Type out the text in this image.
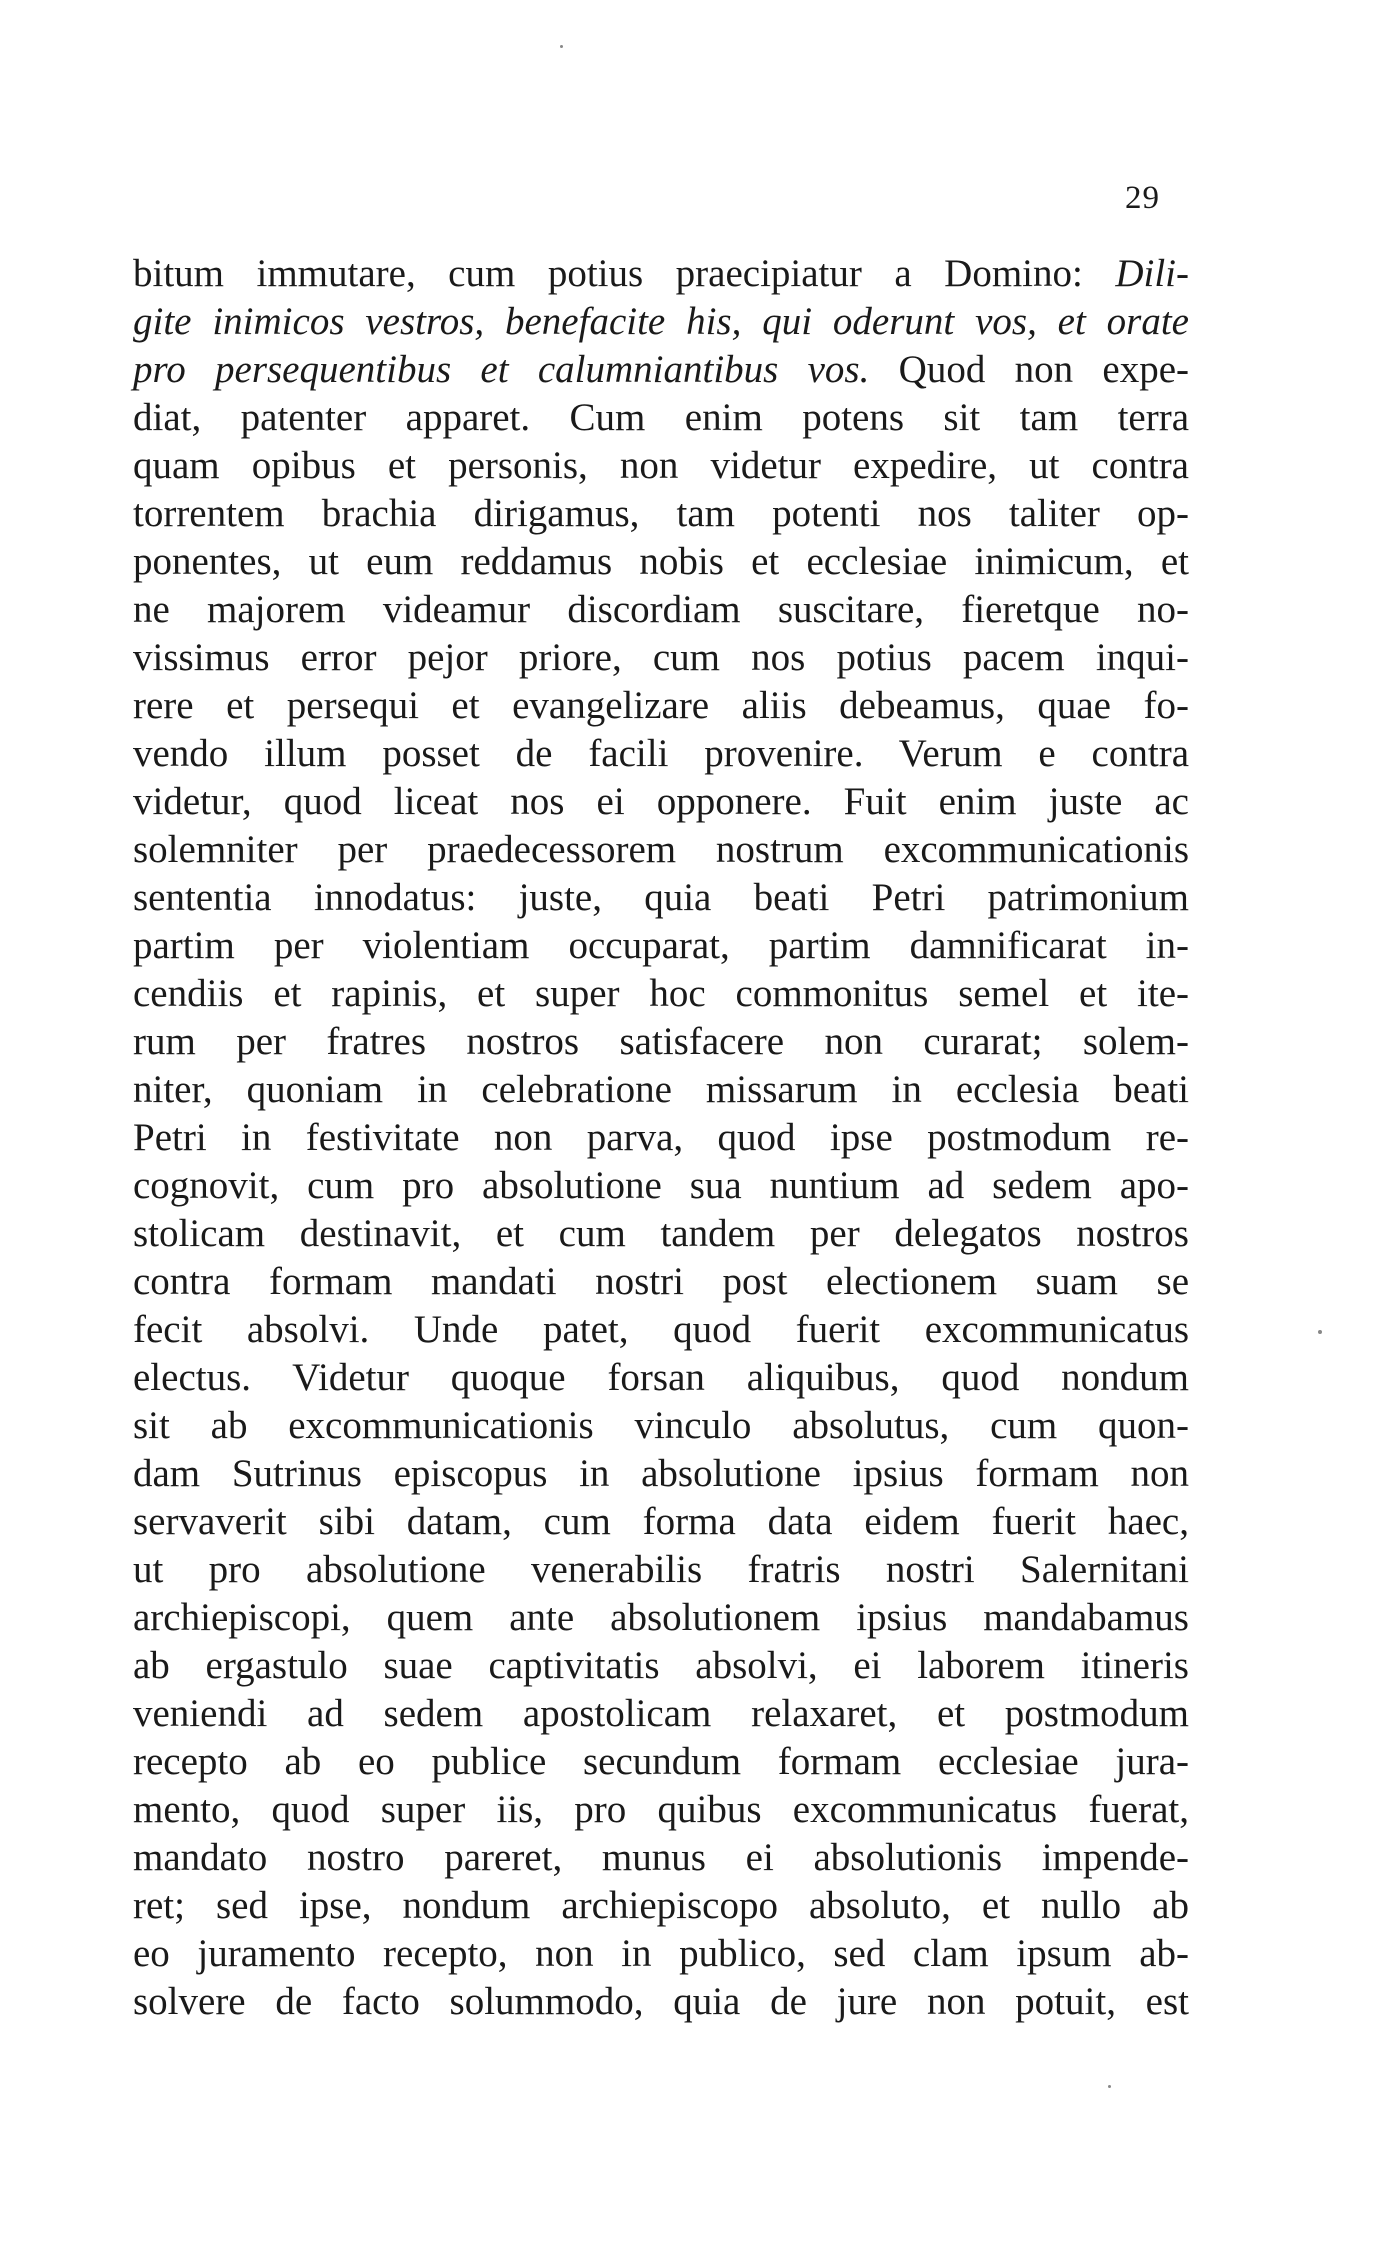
29
bitum immutare, cum potius praecipiatur a Domino: Dili-
gite inimicos vestros, benefacite his, qui oderunt vos, et orate
pro persequentibus et calumniantibus vos. Quod non expe-
diat, patenter apparet. Cum enim potens sit tam terra
quam opibus et personis, non videtur expedire, ut contra
torrentem brachia dirigamus, tam potenti nos taliter op-
ponentes, ut eum reddamus nobis et ecclesiae inimicum, et
ne majorem videamur discordiam suscitare, fieretque no-
vissimus error pejor priore, cum nos potius pacem inqui-
rere et persequi et evangelizare aliis debeamus, quae fo-
vendo illum posset de facili provenire. Verum e contra
videtur, quod liceat nos ei opponere. Fuit enim juste ac
solemniter per praedecessorem nostrum excommunicationis
sententia innodatus: juste, quia beati Petri patrimonium
partim per violentiam occuparat, partim damnificarat in-
cendiis et rapinis, et super hoc commonitus semel et ite-
rum per fratres nostros satisfacere non curarat; solem-
niter, quoniam in celebratione missarum in ecclesia beati
Petri in festivitate non parva, quod ipse postmodum re-
cognovit, cum pro absolutione sua nuntium ad sedem apo-
stolicam destinavit, et cum tandem per delegatos nostros
contra formam mandati nostri post electionem suam se
fecit absolvi. Unde patet, quod fuerit excommunicatus
electus. Videtur quoque forsan aliquibus, quod nondum
sit ab excommunicationis vinculo absolutus, cum quon-
dam Sutrinus episcopus in absolutione ipsius formam non
servaverit sibi datam, cum forma data eidem fuerit haec,
ut pro absolutione venerabilis fratris nostri Salernitani
archiepiscopi, quem ante absolutionem ipsius mandabamus
ab ergastulo suae captivitatis absolvi, ei laborem itineris
veniendi ad sedem apostolicam relaxaret, et postmodum
recepto ab eo publice secundum formam ecclesiae jura-
mento, quod super iis, pro quibus excommunicatus fuerat,
mandato nostro pareret, munus ei absolutionis impende-
ret; sed ipse, nondum archiepiscopo absoluto, et nullo ab
eo juramento recepto, non in publico, sed clam ipsum ab-
solvere de facto solummodo, quia de jure non potuit, est
